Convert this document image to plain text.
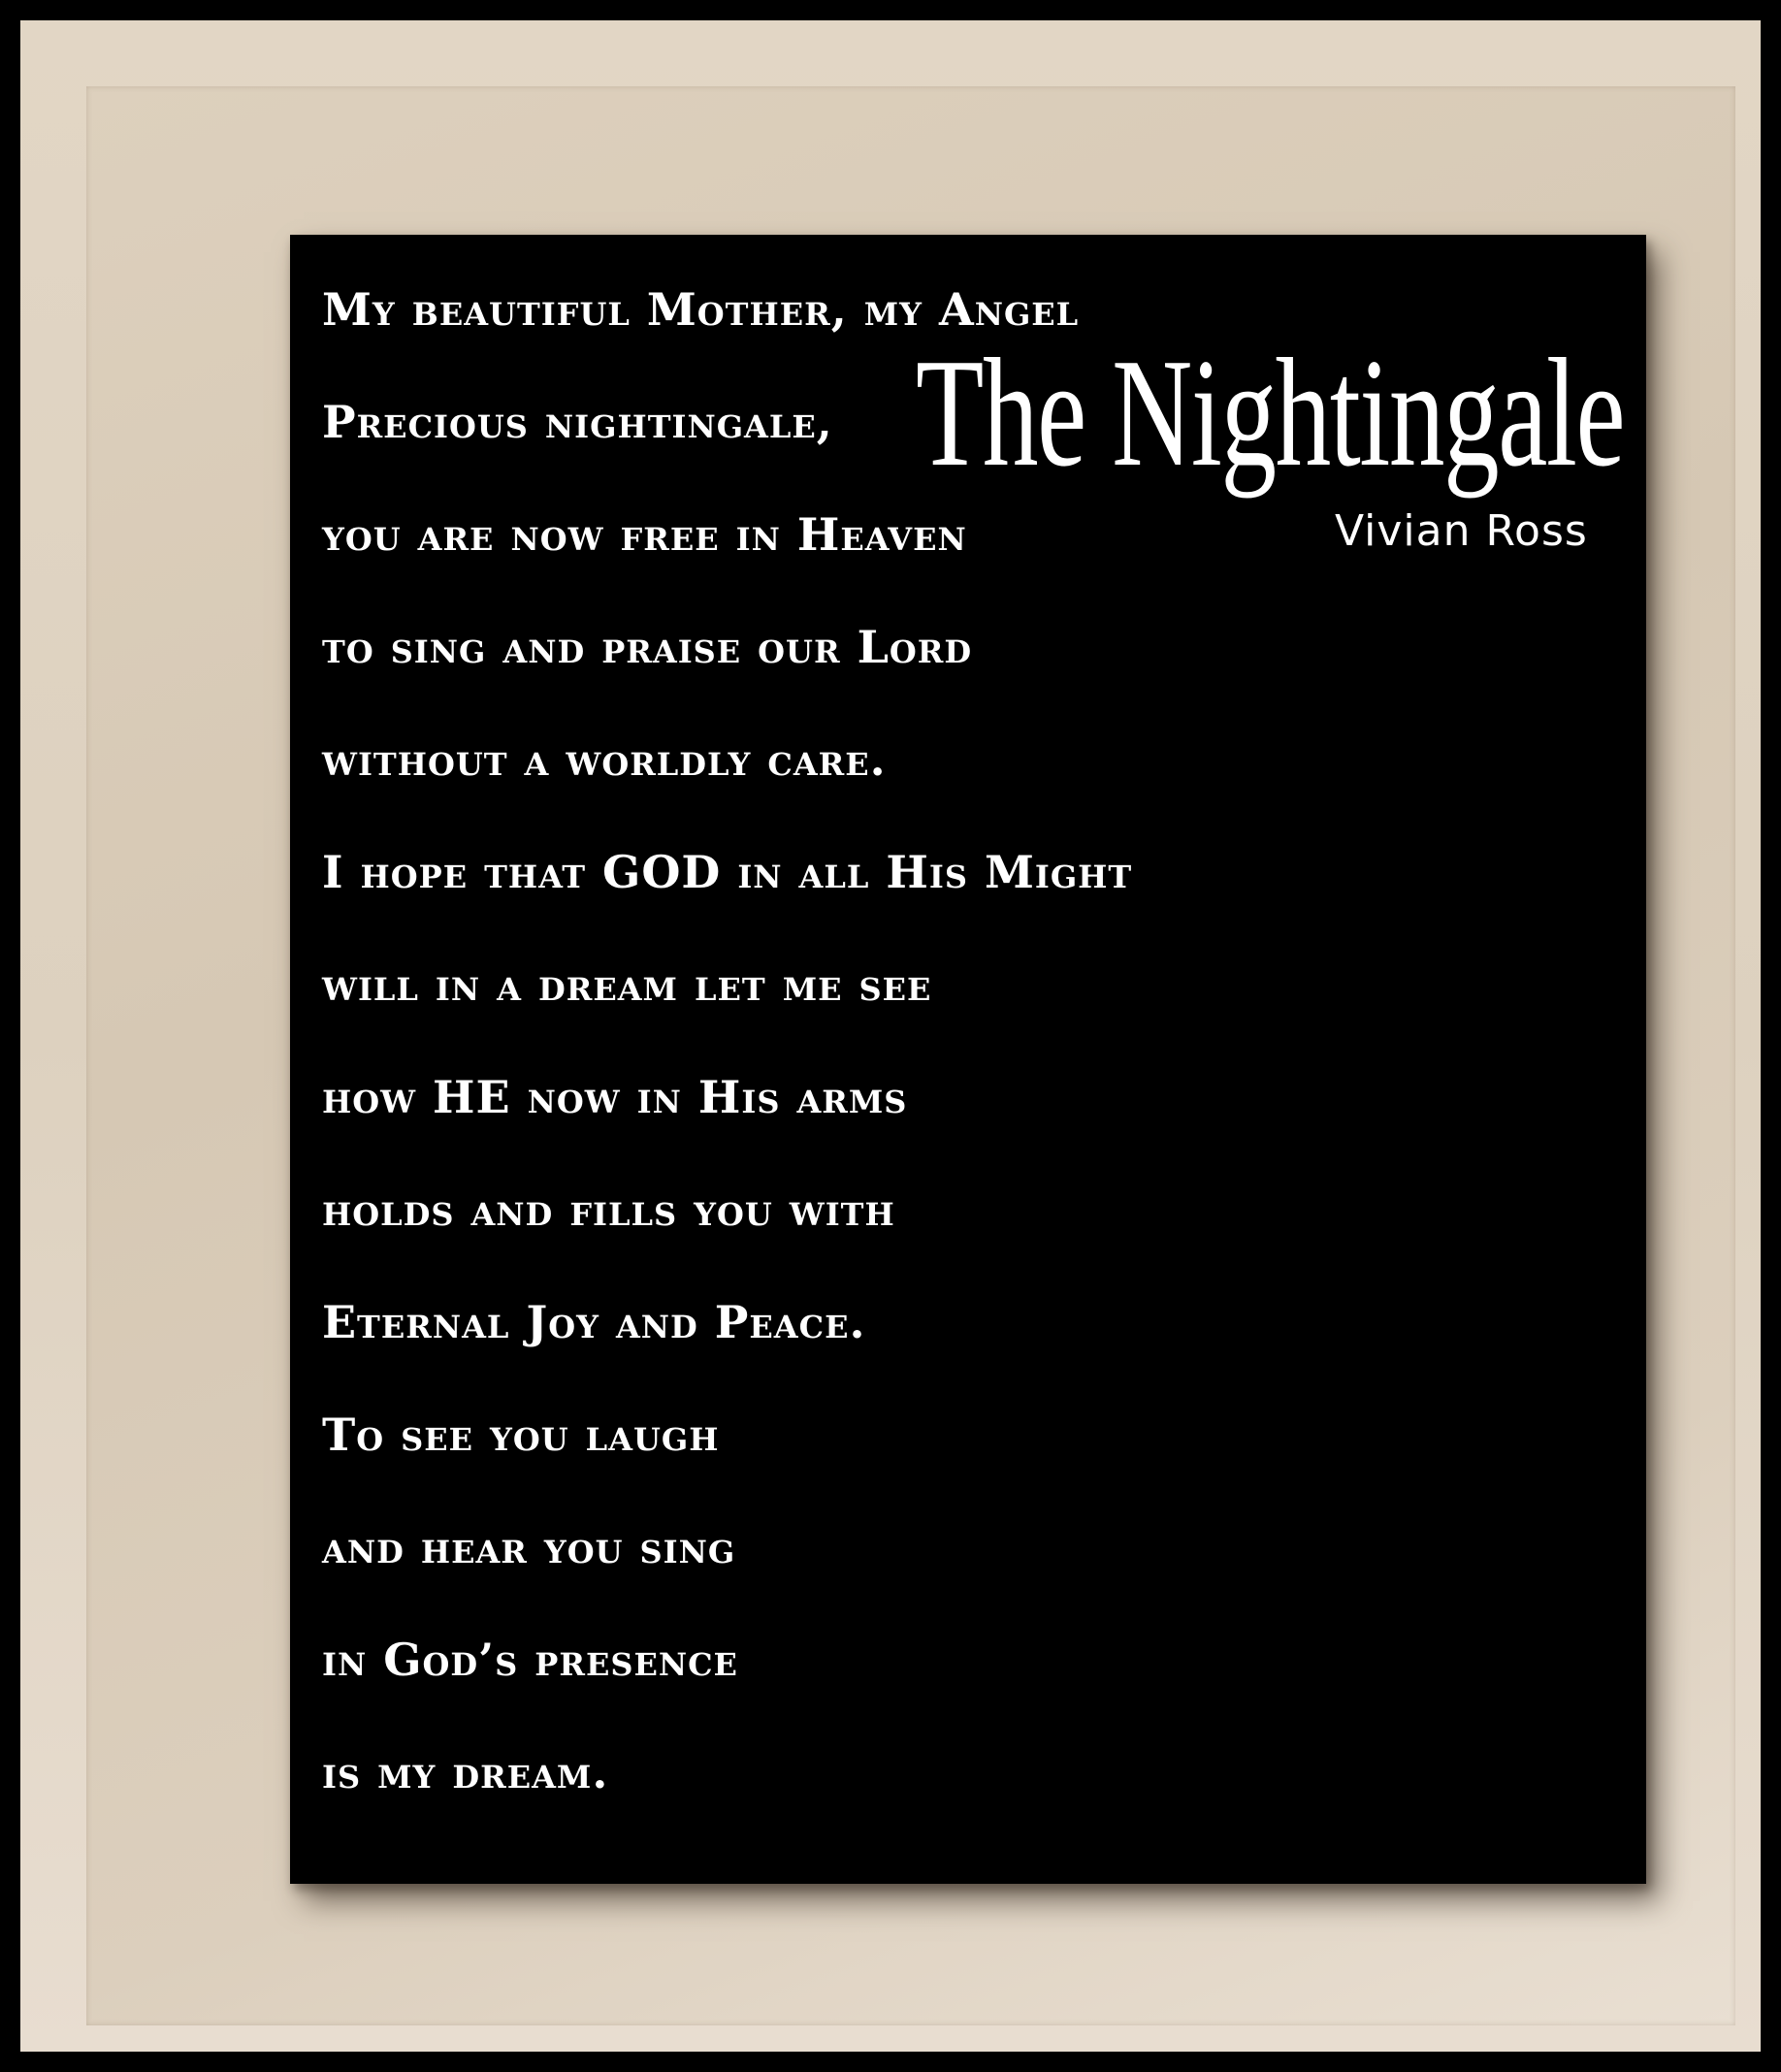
My beautiful Mother, my Angel
Precious nightingale,
you are now free in Heaven
to sing and praise our Lord
without a worldly care.
I hope that GOD in all His Might
will in a dream let me see
how HE now in His arms
holds and fills you with
Eternal Joy and Peace.
To see you laugh
and hear you sing
in God’s presence
is my dream.
The Nightingale
Vivian Ross
